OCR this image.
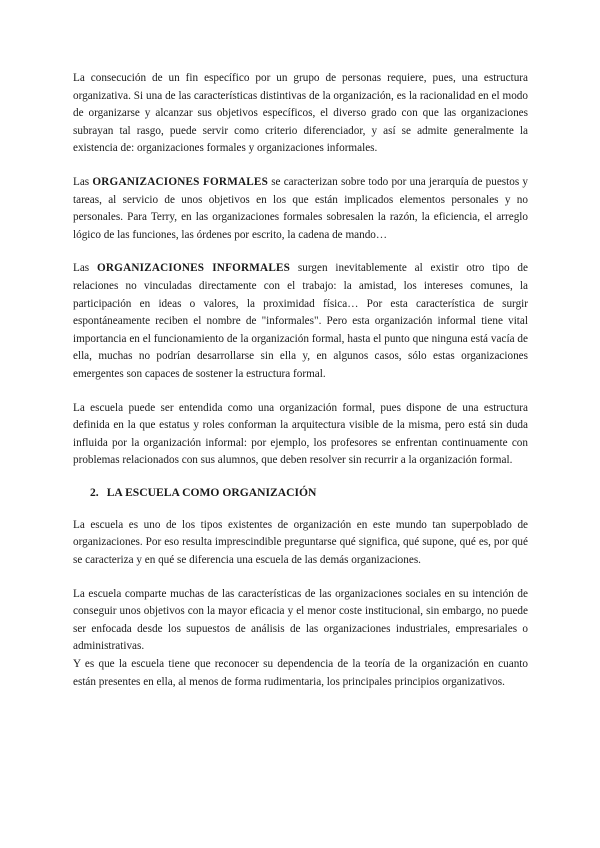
La consecución de un fin específico por un grupo de personas requiere, pues, una estructura organizativa. Si una de las características distintivas de la organización, es la racionalidad en el modo de organizarse y alcanzar sus objetivos específicos, el diverso grado con que las organizaciones subrayan tal rasgo, puede servir como criterio diferenciador, y así se admite generalmente la existencia de: organizaciones formales y organizaciones informales.

Las ORGANIZACIONES FORMALES se caracterizan sobre todo por una jerarquía de puestos y tareas, al servicio de unos objetivos en los que están implicados elementos personales y no personales. Para Terry, en las organizaciones formales sobresalen la razón, la eficiencia, el arreglo lógico de las funciones, las órdenes por escrito, la cadena de mando…

Las ORGANIZACIONES INFORMALES surgen inevitablemente al existir otro tipo de relaciones no vinculadas directamente con el trabajo: la amistad, los intereses comunes, la participación en ideas o valores, la proximidad física… Por esta característica de surgir espontáneamente reciben el nombre de "informales". Pero esta organización informal tiene vital importancia en el funcionamiento de la organización formal, hasta el punto que ninguna está vacía de ella, muchas no podrían desarrollarse sin ella y, en algunos casos, sólo estas organizaciones emergentes son capaces de sostener la estructura formal.

La escuela puede ser entendida como una organización formal, pues dispone de una estructura definida en la que estatus y roles conforman la arquitectura visible de la misma, pero está sin duda influida por la organización informal: por ejemplo, los profesores se enfrentan continuamente con problemas relacionados con sus alumnos, que deben resolver sin recurrir a la organización formal.

2. LA ESCUELA COMO ORGANIZACIÓN

La escuela es uno de los tipos existentes de organización en este mundo tan superpoblado de organizaciones. Por eso resulta imprescindible preguntarse qué significa, qué supone, qué es, por qué se caracteriza y en qué se diferencia una escuela de las demás organizaciones.

La escuela comparte muchas de las características de las organizaciones sociales en su intención de conseguir unos objetivos con la mayor eficacia y el menor coste institucional, sin embargo, no puede ser enfocada desde los supuestos de análisis de las organizaciones industriales, empresariales o administrativas.

Y es que la escuela tiene que reconocer su dependencia de la teoría de la organización en cuanto están presentes en ella, al menos de forma rudimentaria, los principales principios organizativos.
